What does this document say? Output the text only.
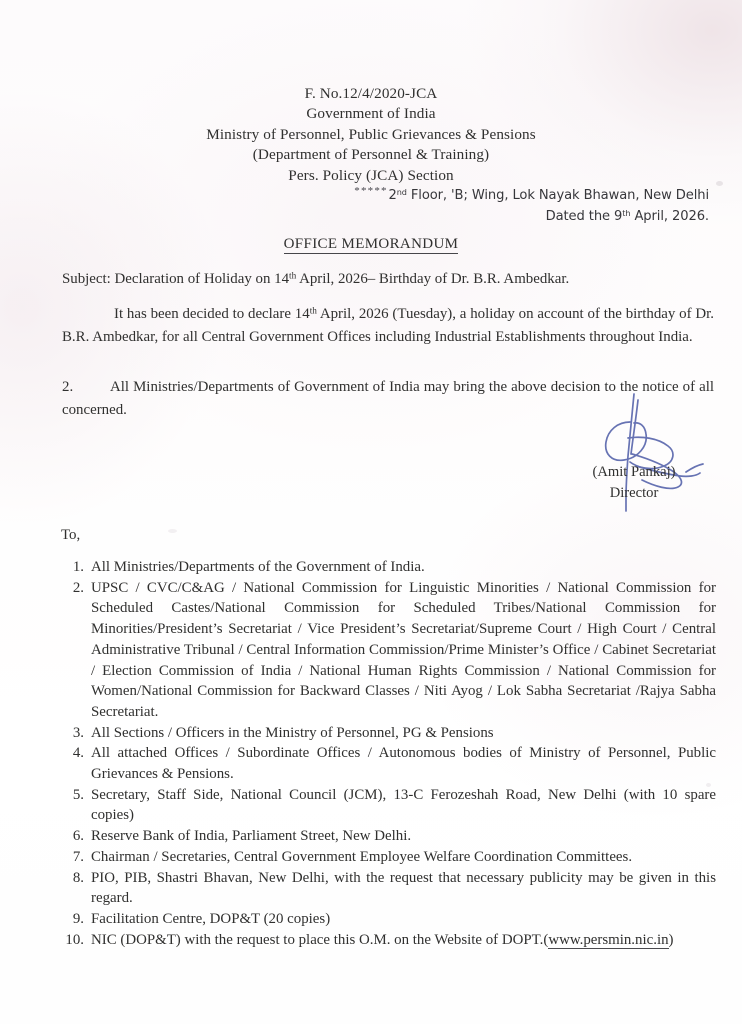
F. No.12/4/2020-JCA
Government of India
Ministry of Personnel, Public Grievances & Pensions
(Department of Personnel & Training)
Pers. Policy (JCA) Section
***** 2nd Floor, 'B; Wing, Lok Nayak Bhawan, New Delhi
Dated the 9th April, 2026.
OFFICE MEMORANDUM
Subject: Declaration of Holiday on 14th April, 2026– Birthday of Dr. B.R. Ambedkar.
It has been decided to declare 14th April, 2026 (Tuesday), a holiday on account of the birthday of Dr. B.R. Ambedkar, for all Central Government Offices including Industrial Establishments throughout India.
2. All Ministries/Departments of Government of India may bring the above decision to the notice of all concerned.
(Amit Pankaj)
Director
To,
1. All Ministries/Departments of the Government of India.
2. UPSC / CVC/C&AG / National Commission for Linguistic Minorities / National Commission for Scheduled Castes/National Commission for Scheduled Tribes/National Commission for Minorities/President’s Secretariat / Vice President’s Secretariat/Supreme Court / High Court / Central Administrative Tribunal / Central Information Commission/Prime Minister’s Office / Cabinet Secretariat / Election Commission of India / National Human Rights Commission / National Commission for Women/National Commission for Backward Classes / Niti Ayog / Lok Sabha Secretariat /Rajya Sabha Secretariat.
3. All Sections / Officers in the Ministry of Personnel, PG & Pensions
4. All attached Offices / Subordinate Offices / Autonomous bodies of Ministry of Personnel, Public Grievances & Pensions.
5. Secretary, Staff Side, National Council (JCM), 13-C Ferozeshah Road, New Delhi (with 10 spare copies)
6. Reserve Bank of India, Parliament Street, New Delhi.
7. Chairman / Secretaries, Central Government Employee Welfare Coordination Committees.
8. PIO, PIB, Shastri Bhavan, New Delhi, with the request that necessary publicity may be given in this regard.
9. Facilitation Centre, DOP&T (20 copies)
10. NIC (DOP&T) with the request to place this O.M. on the Website of DOPT.(www.persmin.nic.in)
